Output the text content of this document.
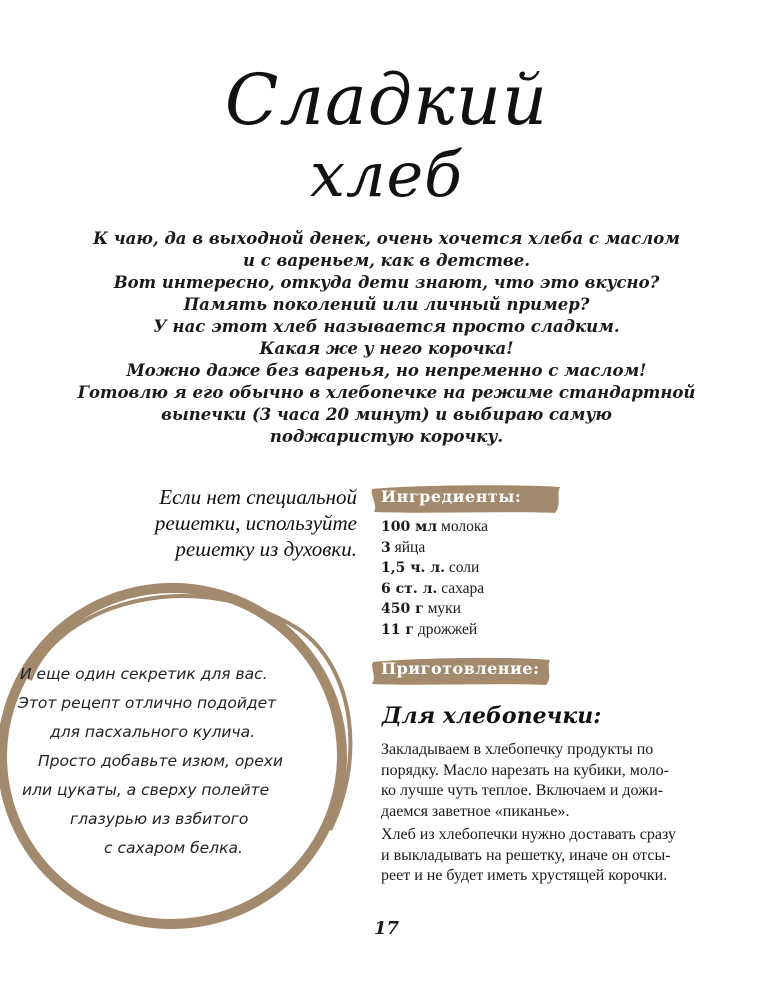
Сладкий
хлеб
К чаю, да в выходной денек, очень хочется хлеба с маслом
и с вареньем, как в детстве.
Вот интересно, откуда дети знают, что это вкусно?
Память поколений или личный пример?
У нас этот хлеб называется просто сладким.
Какая же у него корочка!
Можно даже без варенья, но непременно с маслом!
Готовлю я его обычно в хлебопечке на режиме стандартной
выпечки (3 часа 20 минут) и выбираю самую
поджаристую корочку.
Если нет специальной
решетки, используйте
решетку из духовки.
И еще один секретик для вас.
Этот рецепт отлично подойдет
для пасхального кулича.
Просто добавьте изюм, орехи
или цукаты, а сверху полейте
глазурью из взбитого
с сахаром белка.
Ингредиенты:
100 мл молока
3 яйца
1,5 ч. л. соли
6 ст. л. сахара
450 г муки
11 г дрожжей
Приготовление:
Для хлебопечки:
Закладываем в хлебопечку продукты по
порядку. Масло нарезать на кубики, моло-
ко лучше чуть теплое. Включаем и дожи-
даемся заветное «пиканье».
Хлеб из хлебопечки нужно доставать сразу
и выкладывать на решетку, иначе он отсы-
реет и не будет иметь хрустящей корочки.
17
